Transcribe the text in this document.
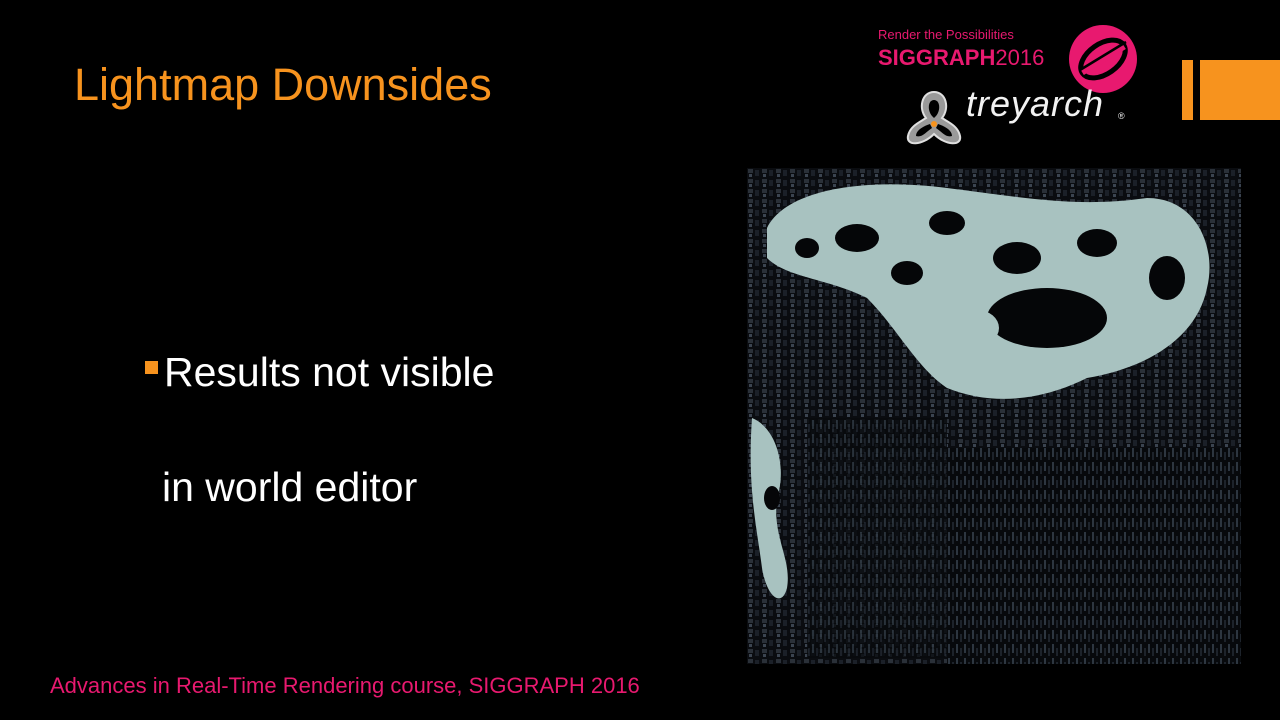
Lightmap Downsides
Render the Possibilities
SIGGRAPH2016
treyarch ®
Results not visible
in world editor
Advances in Real-Time Rendering course, SIGGRAPH 2016
